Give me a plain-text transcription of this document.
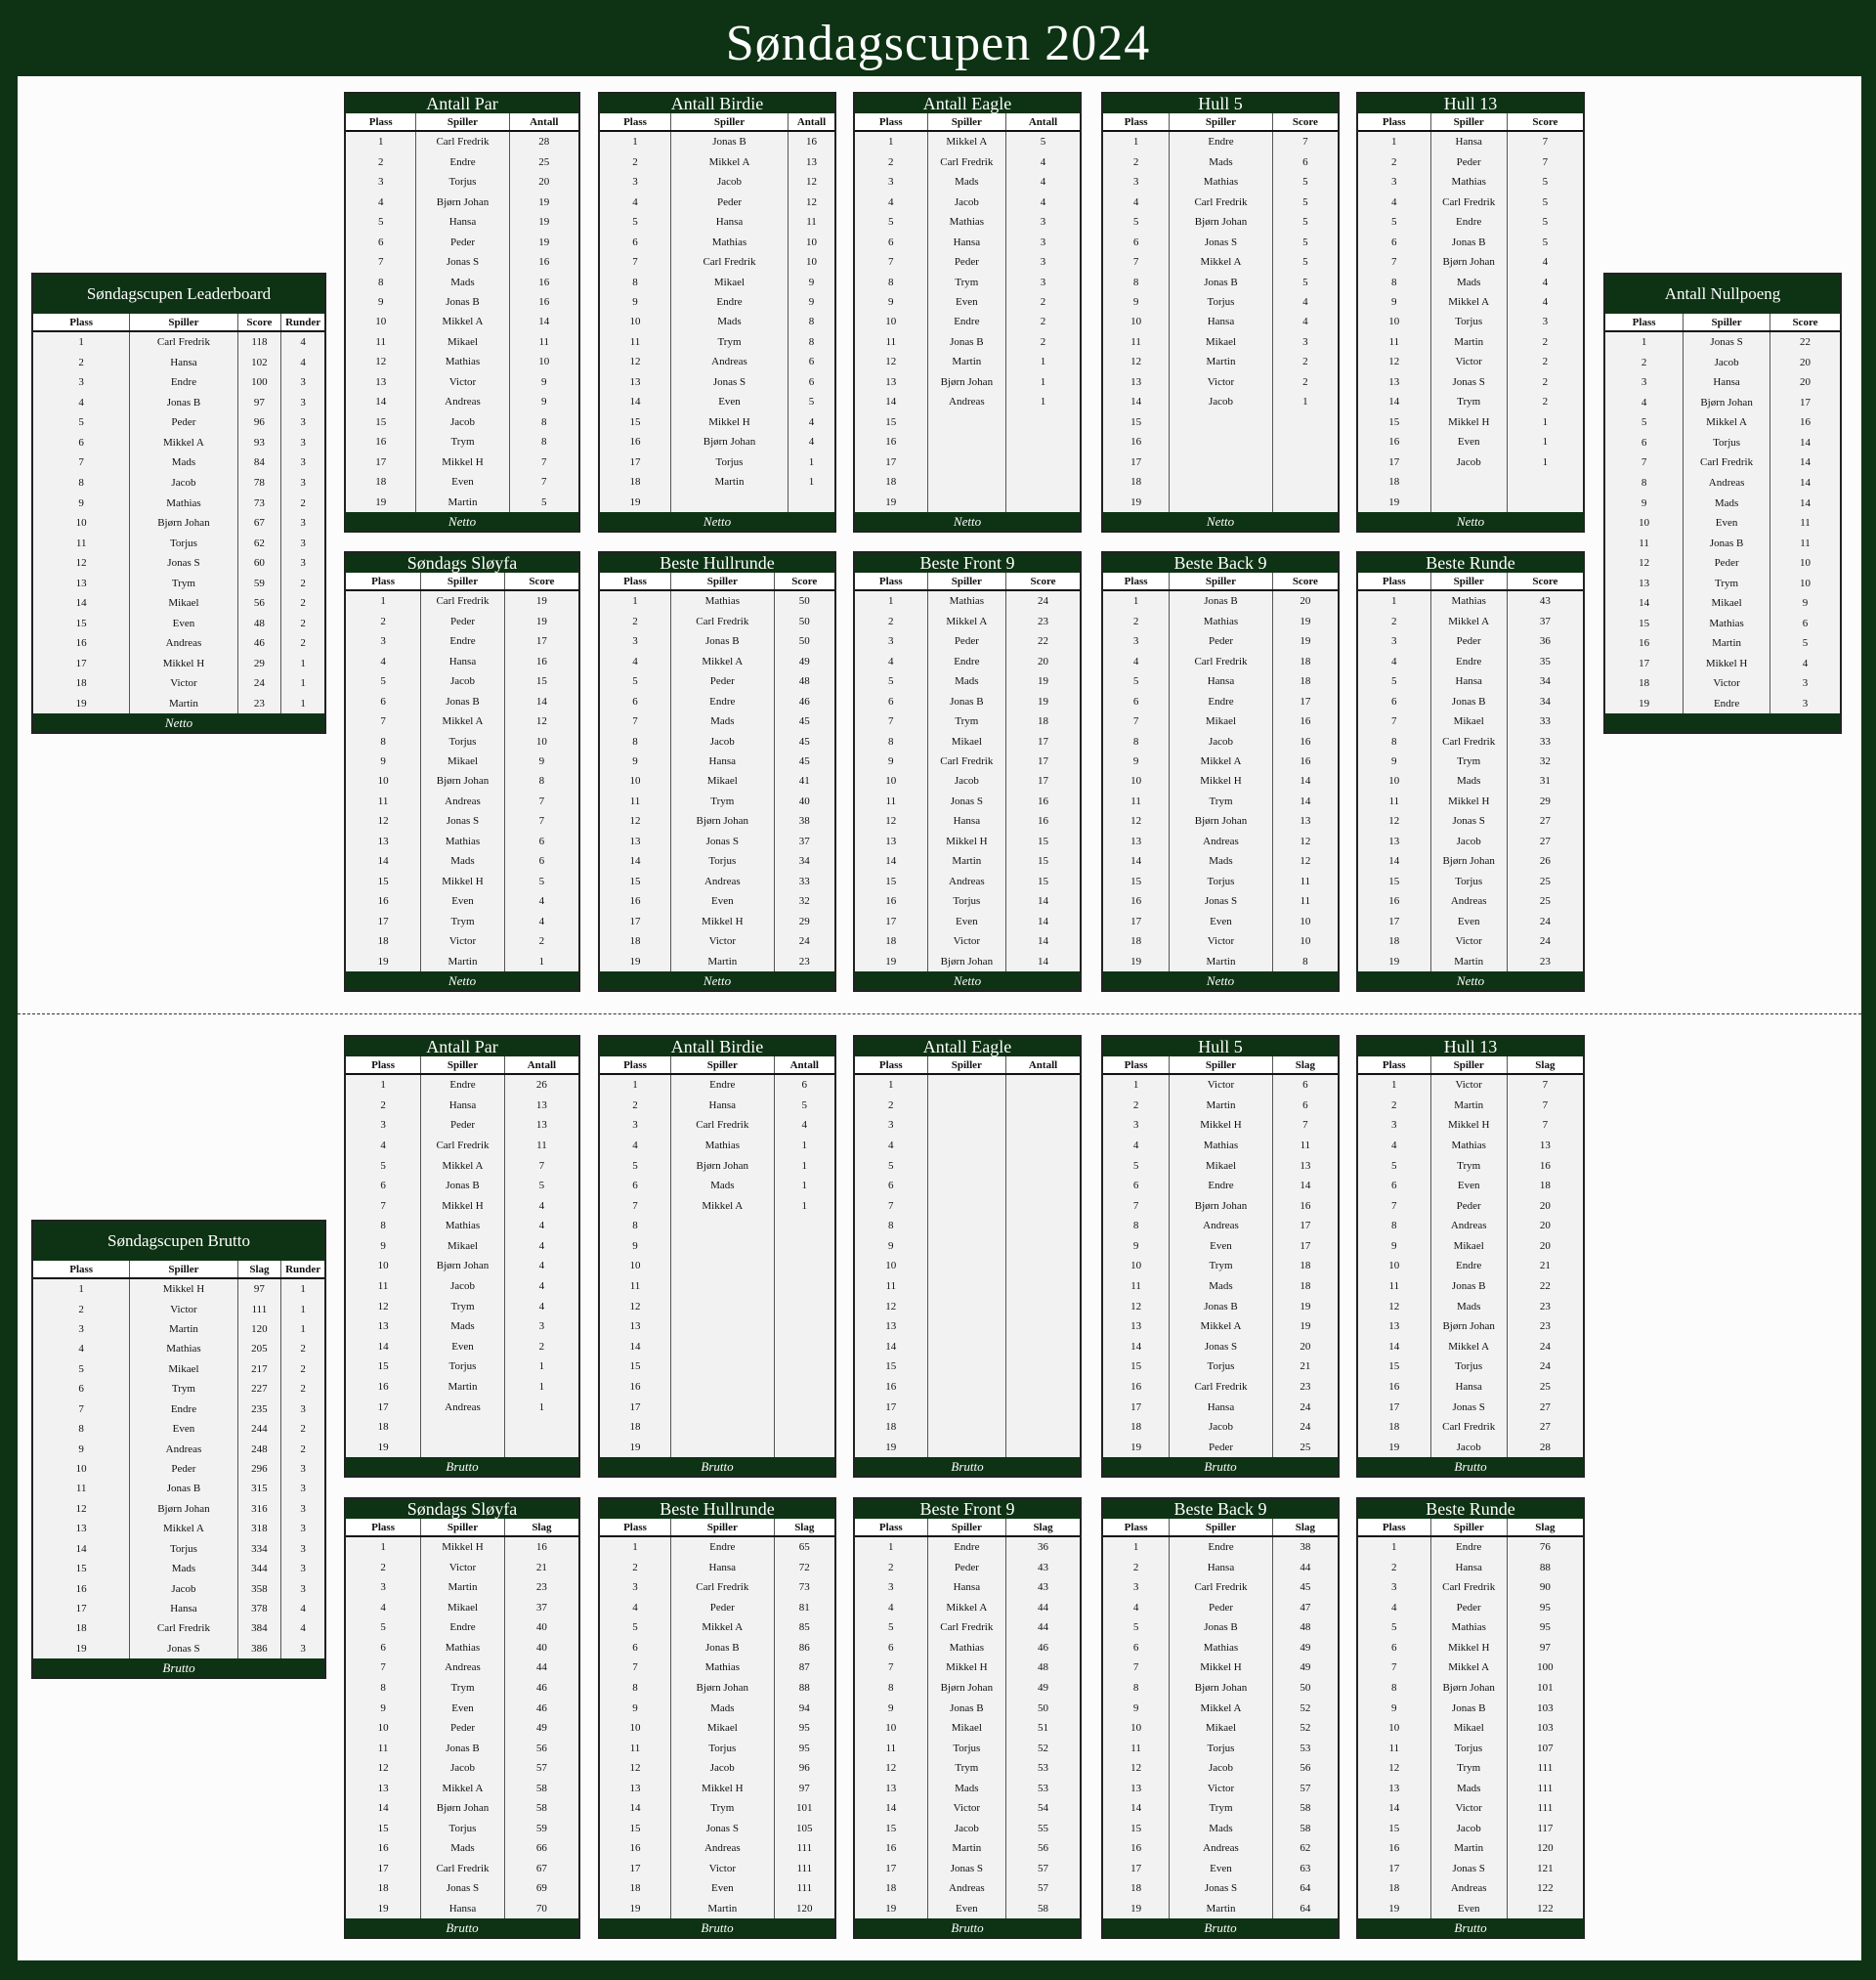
Søndagscupen 2024
Søndagscupen Leaderboard
Plass	Spiller	Score	Runder
1	Carl Fredrik	118	4
2	Hansa	102	4
3	Endre	100	3
4	Jonas B	97	3
5	Peder	96	3
6	Mikkel A	93	3
7	Mads	84	3
8	Jacob	78	3
9	Mathias	73	2
10	Bjørn Johan	67	3
11	Torjus	62	3
12	Jonas S	60	3
13	Trym	59	2
14	Mikael	56	2
15	Even	48	2
16	Andreas	46	2
17	Mikkel H	29	1
18	Victor	24	1
19	Martin	23	1
Netto
Antall Nullpoeng
Plass	Spiller	Score
1	Jonas S	22
2	Jacob	20
3	Hansa	20
4	Bjørn Johan	17
5	Mikkel A	16
6	Torjus	14
7	Carl Fredrik	14
8	Andreas	14
9	Mads	14
10	Even	11
11	Jonas B	11
12	Peder	10
13	Trym	10
14	Mikael	9
15	Mathias	6
16	Martin	5
17	Mikkel H	4
18	Victor	3
19	Endre	3
Antall Par
Plass	Spiller	Antall
1	Carl Fredrik	28
2	Endre	25
3	Torjus	20
4	Bjørn Johan	19
5	Hansa	19
6	Peder	19
7	Jonas S	16
8	Mads	16
9	Jonas B	16
10	Mikkel A	14
11	Mikael	11
12	Mathias	10
13	Victor	9
14	Andreas	9
15	Jacob	8
16	Trym	8
17	Mikkel H	7
18	Even	7
19	Martin	5
Netto
Antall Birdie
Plass	Spiller	Antall
1	Jonas B	16
2	Mikkel A	13
3	Jacob	12
4	Peder	12
5	Hansa	11
6	Mathias	10
7	Carl Fredrik	10
8	Mikael	9
9	Endre	9
10	Mads	8
11	Trym	8
12	Andreas	6
13	Jonas S	6
14	Even	5
15	Mikkel H	4
16	Bjørn Johan	4
17	Torjus	1
18	Martin	1
19
Netto
Antall Eagle
Plass	Spiller	Antall
1	Mikkel A	5
2	Carl Fredrik	4
3	Mads	4
4	Jacob	4
5	Mathias	3
6	Hansa	3
7	Peder	3
8	Trym	3
9	Even	2
10	Endre	2
11	Jonas B	2
12	Martin	1
13	Bjørn Johan	1
14	Andreas	1
15
16
17
18
19
Netto
Hull 5
Plass	Spiller	Score
1	Endre	7
2	Mads	6
3	Mathias	5
4	Carl Fredrik	5
5	Bjørn Johan	5
6	Jonas S	5
7	Mikkel A	5
8	Jonas B	5
9	Torjus	4
10	Hansa	4
11	Mikael	3
12	Martin	2
13	Victor	2
14	Jacob	1
15
16
17
18
19
Netto
Hull 13
Plass	Spiller	Score
1	Hansa	7
2	Peder	7
3	Mathias	5
4	Carl Fredrik	5
5	Endre	5
6	Jonas B	5
7	Bjørn Johan	4
8	Mads	4
9	Mikkel A	4
10	Torjus	3
11	Martin	2
12	Victor	2
13	Jonas S	2
14	Trym	2
15	Mikkel H	1
16	Even	1
17	Jacob	1
18
19
Netto
Søndags Sløyfa
Plass	Spiller	Score
1	Carl Fredrik	19
2	Peder	19
3	Endre	17
4	Hansa	16
5	Jacob	15
6	Jonas B	14
7	Mikkel A	12
8	Torjus	10
9	Mikael	9
10	Bjørn Johan	8
11	Andreas	7
12	Jonas S	7
13	Mathias	6
14	Mads	6
15	Mikkel H	5
16	Even	4
17	Trym	4
18	Victor	2
19	Martin	1
Netto
Beste Hullrunde
Plass	Spiller	Score
1	Mathias	50
2	Carl Fredrik	50
3	Jonas B	50
4	Mikkel A	49
5	Peder	48
6	Endre	46
7	Mads	45
8	Jacob	45
9	Hansa	45
10	Mikael	41
11	Trym	40
12	Bjørn Johan	38
13	Jonas S	37
14	Torjus	34
15	Andreas	33
16	Even	32
17	Mikkel H	29
18	Victor	24
19	Martin	23
Netto
Beste Front 9
Plass	Spiller	Score
1	Mathias	24
2	Mikkel A	23
3	Peder	22
4	Endre	20
5	Mads	19
6	Jonas B	19
7	Trym	18
8	Mikael	17
9	Carl Fredrik	17
10	Jacob	17
11	Jonas S	16
12	Hansa	16
13	Mikkel H	15
14	Martin	15
15	Andreas	15
16	Torjus	14
17	Even	14
18	Victor	14
19	Bjørn Johan	14
Netto
Beste Back 9
Plass	Spiller	Score
1	Jonas B	20
2	Mathias	19
3	Peder	19
4	Carl Fredrik	18
5	Hansa	18
6	Endre	17
7	Mikael	16
8	Jacob	16
9	Mikkel A	16
10	Mikkel H	14
11	Trym	14
12	Bjørn Johan	13
13	Andreas	12
14	Mads	12
15	Torjus	11
16	Jonas S	11
17	Even	10
18	Victor	10
19	Martin	8
Netto
Beste Runde
Plass	Spiller	Score
1	Mathias	43
2	Mikkel A	37
3	Peder	36
4	Endre	35
5	Hansa	34
6	Jonas B	34
7	Mikael	33
8	Carl Fredrik	33
9	Trym	32
10	Mads	31
11	Mikkel H	29
12	Jonas S	27
13	Jacob	27
14	Bjørn Johan	26
15	Torjus	25
16	Andreas	25
17	Even	24
18	Victor	24
19	Martin	23
Netto
Søndagscupen Brutto
Plass	Spiller	Slag	Runder
1	Mikkel H	97	1
2	Victor	111	1
3	Martin	120	1
4	Mathias	205	2
5	Mikael	217	2
6	Trym	227	2
7	Endre	235	3
8	Even	244	2
9	Andreas	248	2
10	Peder	296	3
11	Jonas B	315	3
12	Bjørn Johan	316	3
13	Mikkel A	318	3
14	Torjus	334	3
15	Mads	344	3
16	Jacob	358	3
17	Hansa	378	4
18	Carl Fredrik	384	4
19	Jonas S	386	3
Brutto
Antall Par
Plass	Spiller	Antall
1	Endre	26
2	Hansa	13
3	Peder	13
4	Carl Fredrik	11
5	Mikkel A	7
6	Jonas B	5
7	Mikkel H	4
8	Mathias	4
9	Mikael	4
10	Bjørn Johan	4
11	Jacob	4
12	Trym	4
13	Mads	3
14	Even	2
15	Torjus	1
16	Martin	1
17	Andreas	1
18
19
Brutto
Antall Birdie
Plass	Spiller	Antall
1	Endre	6
2	Hansa	5
3	Carl Fredrik	4
4	Mathias	1
5	Bjørn Johan	1
6	Mads	1
7	Mikkel A	1
8
9
10
11
12
13
14
15
16
17
18
19
Brutto
Antall Eagle
Plass	Spiller	Antall
1
2
3
4
5
6
7
8
9
10
11
12
13
14
15
16
17
18
19
Brutto
Hull 5
Plass	Spiller	Slag
1	Victor	6
2	Martin	6
3	Mikkel H	7
4	Mathias	11
5	Mikael	13
6	Endre	14
7	Bjørn Johan	16
8	Andreas	17
9	Even	17
10	Trym	18
11	Mads	18
12	Jonas B	19
13	Mikkel A	19
14	Jonas S	20
15	Torjus	21
16	Carl Fredrik	23
17	Hansa	24
18	Jacob	24
19	Peder	25
Brutto
Hull 13
Plass	Spiller	Slag
1	Victor	7
2	Martin	7
3	Mikkel H	7
4	Mathias	13
5	Trym	16
6	Even	18
7	Peder	20
8	Andreas	20
9	Mikael	20
10	Endre	21
11	Jonas B	22
12	Mads	23
13	Bjørn Johan	23
14	Mikkel A	24
15	Torjus	24
16	Hansa	25
17	Jonas S	27
18	Carl Fredrik	27
19	Jacob	28
Brutto
Søndags Sløyfa
Plass	Spiller	Slag
1	Mikkel H	16
2	Victor	21
3	Martin	23
4	Mikael	37
5	Endre	40
6	Mathias	40
7	Andreas	44
8	Trym	46
9	Even	46
10	Peder	49
11	Jonas B	56
12	Jacob	57
13	Mikkel A	58
14	Bjørn Johan	58
15	Torjus	59
16	Mads	66
17	Carl Fredrik	67
18	Jonas S	69
19	Hansa	70
Brutto
Beste Hullrunde
Plass	Spiller	Slag
1	Endre	65
2	Hansa	72
3	Carl Fredrik	73
4	Peder	81
5	Mikkel A	85
6	Jonas B	86
7	Mathias	87
8	Bjørn Johan	88
9	Mads	94
10	Mikael	95
11	Torjus	95
12	Jacob	96
13	Mikkel H	97
14	Trym	101
15	Jonas S	105
16	Andreas	111
17	Victor	111
18	Even	111
19	Martin	120
Brutto
Beste Front 9
Plass	Spiller	Slag
1	Endre	36
2	Peder	43
3	Hansa	43
4	Mikkel A	44
5	Carl Fredrik	44
6	Mathias	46
7	Mikkel H	48
8	Bjørn Johan	49
9	Jonas B	50
10	Mikael	51
11	Torjus	52
12	Trym	53
13	Mads	53
14	Victor	54
15	Jacob	55
16	Martin	56
17	Jonas S	57
18	Andreas	57
19	Even	58
Brutto
Beste Back 9
Plass	Spiller	Slag
1	Endre	38
2	Hansa	44
3	Carl Fredrik	45
4	Peder	47
5	Jonas B	48
6	Mathias	49
7	Mikkel H	49
8	Bjørn Johan	50
9	Mikkel A	52
10	Mikael	52
11	Torjus	53
12	Jacob	56
13	Victor	57
14	Trym	58
15	Mads	58
16	Andreas	62
17	Even	63
18	Jonas S	64
19	Martin	64
Brutto
Beste Runde
Plass	Spiller	Slag
1	Endre	76
2	Hansa	88
3	Carl Fredrik	90
4	Peder	95
5	Mathias	95
6	Mikkel H	97
7	Mikkel A	100
8	Bjørn Johan	101
9	Jonas B	103
10	Mikael	103
11	Torjus	107
12	Trym	111
13	Mads	111
14	Victor	111
15	Jacob	117
16	Martin	120
17	Jonas S	121
18	Andreas	122
19	Even	122
Brutto
